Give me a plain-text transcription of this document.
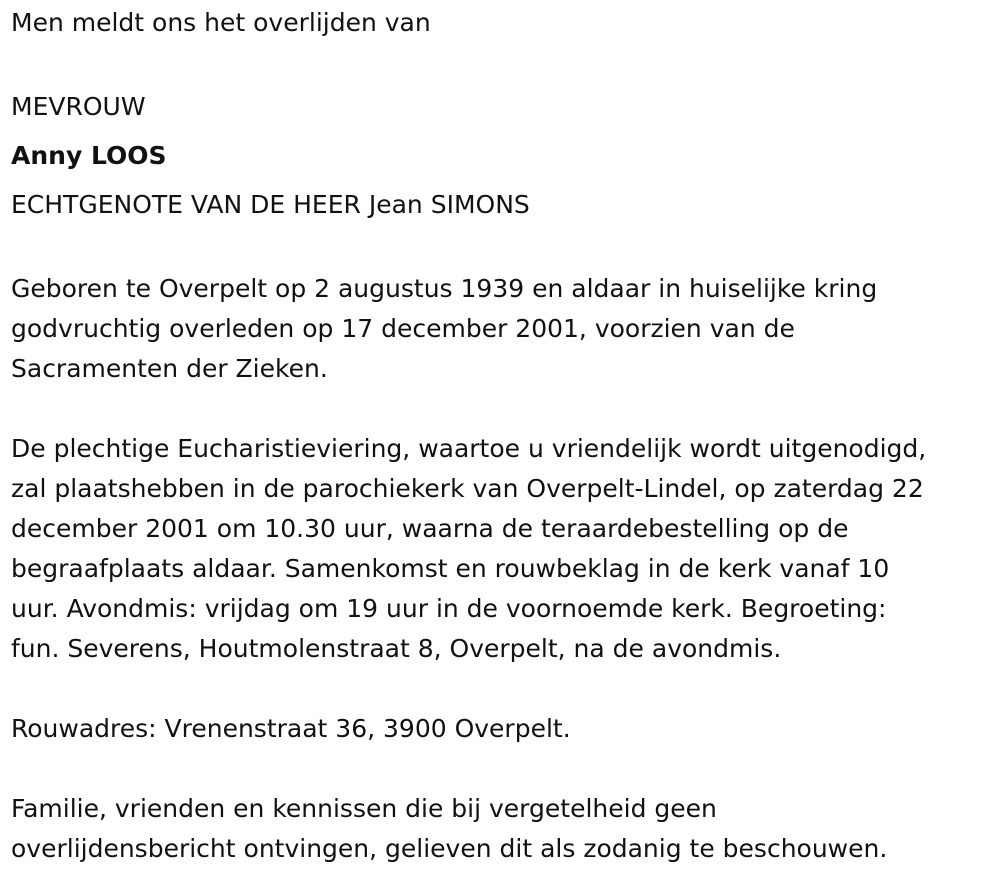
Men meldt ons het overlijden van
MEVROUW
Anny LOOS
ECHTGENOTE VAN DE HEER Jean SIMONS
Geboren te Overpelt op 2 augustus 1939 en aldaar in huiselijke kring
godvruchtig overleden op 17 december 2001, voorzien van de
Sacramenten der Zieken.
De plechtige Eucharistieviering, waartoe u vriendelijk wordt uitgenodigd,
zal plaatshebben in de parochiekerk van Overpelt-Lindel, op zaterdag 22
december 2001 om 10.30 uur, waarna de teraardebestelling op de
begraafplaats aldaar. Samenkomst en rouwbeklag in de kerk vanaf 10
uur. Avondmis: vrijdag om 19 uur in de voornoemde kerk. Begroeting:
fun. Severens, Houtmolenstraat 8, Overpelt, na de avondmis.
Rouwadres: Vrenenstraat 36, 3900 Overpelt.
Familie, vrienden en kennissen die bij vergetelheid geen
overlijdensbericht ontvingen, gelieven dit als zodanig te beschouwen.
